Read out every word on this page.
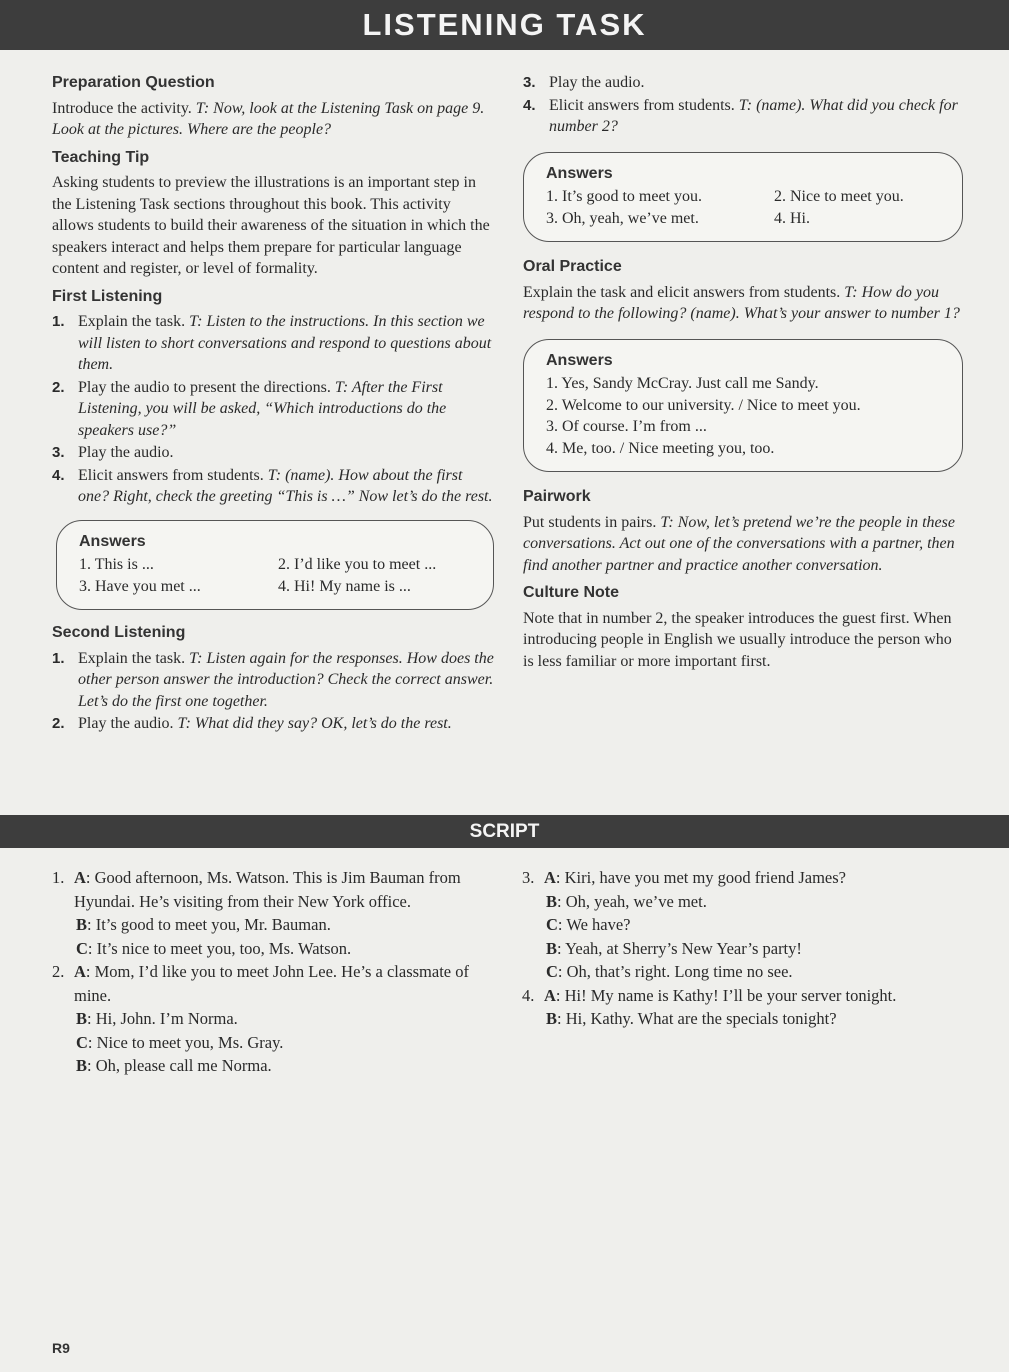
LISTENING TASK
Preparation Question

Introduce the activity. T: Now, look at the Listening Task on page 9. Look at the pictures. Where are the people?

Teaching Tip

Asking students to preview the illustrations is an important step in the Listening Task sections throughout this book. This activity allows students to build their awareness of the situation in which the speakers interact and helps them prepare for particular language content and register, or level of formality.

First Listening
1. Explain the task. T: Listen to the instructions. In this section we will listen to short conversations and respond to questions about them.
2. Play the audio to present the directions. T: After the First Listening, you will be asked, “Which introductions do the speakers use?”
3. Play the audio.
4. Elicit answers from students. T: (name). How about the first one? Right, check the greeting “This is …” Now let’s do the rest.
Answers
1. This is ...	2. I’d like you to meet ...
3. Have you met ...	4. Hi! My name is ...
Second Listening
1. Explain the task. T: Listen again for the responses. How does the other person answer the introduction? Check the correct answer. Let’s do the first one together.
2. Play the audio. T: What did they say? OK, let’s do the rest.
3. Play the audio.
4. Elicit answers from students. T: (name). What did you check for number 2?
Answers
1. It’s good to meet you.	2. Nice to meet you.
3. Oh, yeah, we’ve met.	4. Hi.
Oral Practice

Explain the task and elicit answers from students. T: How do you respond to the following? (name). What’s your answer to number 1?

Answers
1. Yes, Sandy McCray. Just call me Sandy.
2. Welcome to our university. / Nice to meet you.
3. Of course. I’m from ...
4. Me, too. / Nice meeting you, too.
Pairwork

Put students in pairs. T: Now, let’s pretend we’re the people in these conversations. Act out one of the conversations with a partner, then find another partner and practice another conversation.

Culture Note

Note that in number 2, the speaker introduces the guest first. When introducing people in English we usually introduce the person who is less familiar or more important first.

SCRIPT
1. A: Good afternoon, Ms. Watson. This is Jim Bauman from Hyundai. He’s visiting from their New York office.
B: It’s good to meet you, Mr. Bauman.
C: It’s nice to meet you, too, Ms. Watson.
2. A: Mom, I’d like you to meet John Lee. He’s a classmate of mine.
B: Hi, John. I’m Norma.
C: Nice to meet you, Ms. Gray.
B: Oh, please call me Norma.
3. A: Kiri, have you met my good friend James?
B: Oh, yeah, we’ve met.
C: We have?
B: Yeah, at Sherry’s New Year’s party!
C: Oh, that’s right. Long time no see.
4. A: Hi! My name is Kathy! I’ll be your server tonight.
B: Hi, Kathy. What are the specials tonight?
R9
